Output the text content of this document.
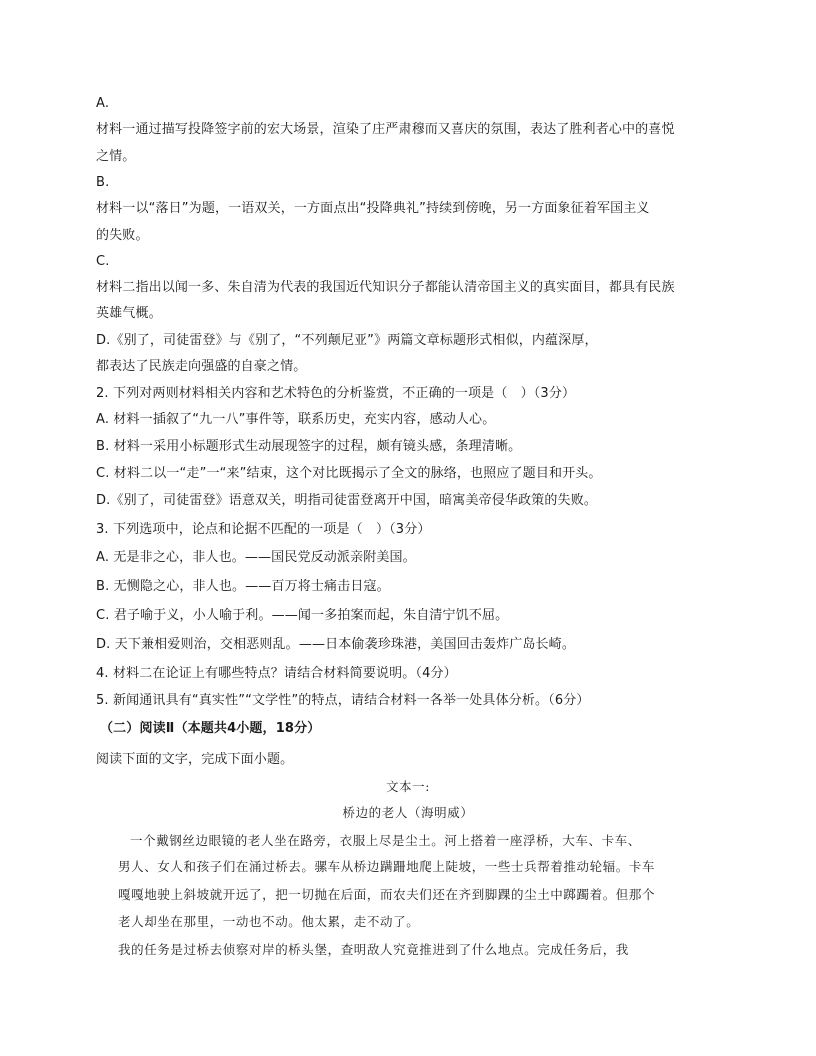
A.
材料一通过描写投降签字前的宏大场景，渲染了庄严肃穆而又喜庆的氛围，表达了胜利者心中的喜悦
之情。
B.
材料一以“落日”为题，一语双关，一方面点出“投降典礼”持续到傍晚，另一方面象征着军国主义
的失败。
C.
材料二指出以闻一多、朱自清为代表的我国近代知识分子都能认清帝国主义的真实面目，都具有民族
英雄气概。
D.《别了，司徒雷登》与《别了，“不列颠尼亚”》两篇文章标题形式相似，内蕴深厚，
都表达了民族走向强盛的自豪之情。
2. 下列对两则材料相关内容和艺术特色的分析鉴赏，不正确的一项是（　）（3分）
A. 材料一插叙了“九一八”事件等，联系历史，充实内容，感动人心。
B. 材料一采用小标题形式生动展现签字的过程，颇有镜头感，条理清晰。
C. 材料二以一“走”一“来”结束，这个对比既揭示了全文的脉络，也照应了题目和开头。
D.《别了，司徒雷登》语意双关，明指司徒雷登离开中国，暗寓美帝侵华政策的失败。
3. 下列选项中，论点和论据不匹配的一项是（　）（3分）
A. 无是非之心，非人也。——国民党反动派亲附美国。
B. 无恻隐之心，非人也。——百万将士痛击日寇。
C. 君子喻于义，小人喻于利。——闻一多拍案而起，朱自清宁饥不屈。
D. 天下兼相爱则治，交相恶则乱。——日本偷袭珍珠港，美国回击轰炸广岛长崎。
4. 材料二在论证上有哪些特点？请结合材料简要说明。（4分）
5. 新闻通讯具有“真实性”“文学性”的特点，请结合材料一各举一处具体分析。（6分）
（二）阅读Ⅱ（本题共4小题，18分）
阅读下面的文字，完成下面小题。
文本一:
桥边的老人（海明威）
一个戴钢丝边眼镜的老人坐在路旁，衣服上尽是尘土。河上搭着一座浮桥，大车、卡车、
男人、女人和孩子们在涌过桥去。骡车从桥边蹒跚地爬上陡坡，一些士兵帮着推动轮辐。卡车
嘎嘎地驶上斜坡就开远了，把一切抛在后面，而农夫们还在齐到脚踝的尘土中踯躅着。但那个
老人却坐在那里，一动也不动。他太累，走不动了。
我的任务是过桥去侦察对岸的桥头堡，查明敌人究竟推进到了什么地点。完成任务后，我
